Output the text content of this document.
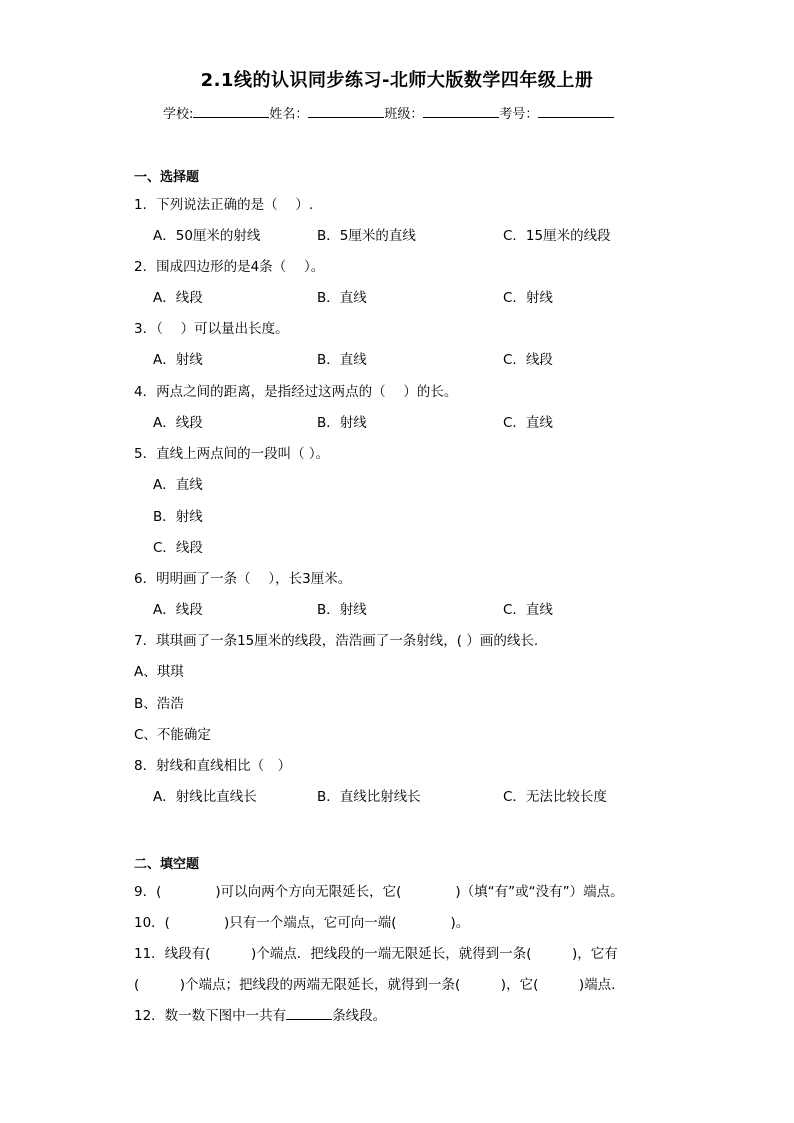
2.1线的认识同步练习-北师大版数学四年级上册
学校:	姓名：	班级：	考号：
一、选择题
1．下列说法正确的是（　 ）.
A．50厘米的射线	B．5厘米的直线	C．15厘米的线段
2．围成四边形的是4条（　 ）。
A．线段	B．直线	C．射线
3．（　 ）可以量出长度。
A．射线	B．直线	C．线段
4．两点之间的距离，是指经过这两点的（　 ）的长。
A．线段	B．射线	C．直线
5．直线上两点间的一段叫（ ）。
A．直线
B．射线
C．线段
6．明明画了一条（　 ），长3厘米。
A．线段	B．射线	C．直线
7．琪琪画了一条15厘米的线段，浩浩画了一条射线，( ）画的线长.
A、琪琪
B、浩浩
C、不能确定
8．射线和直线相比（　）
A．射线比直线长	B．直线比射线长	C．无法比较长度
二、填空题
9．(　　　　)可以向两个方向无限延长，它(　　　　)（填“有”或“没有”）端点。
10．(　　　　)只有一个端点，它可向一端(　　　　)。
11．线段有(　　　)个端点．把线段的一端无限延长，就得到一条(　　　)，它有
(　　　)个端点；把线段的两端无限延长，就得到一条(　　　)，它(　　　)端点.
12．数一数下图中一共有	条线段。
